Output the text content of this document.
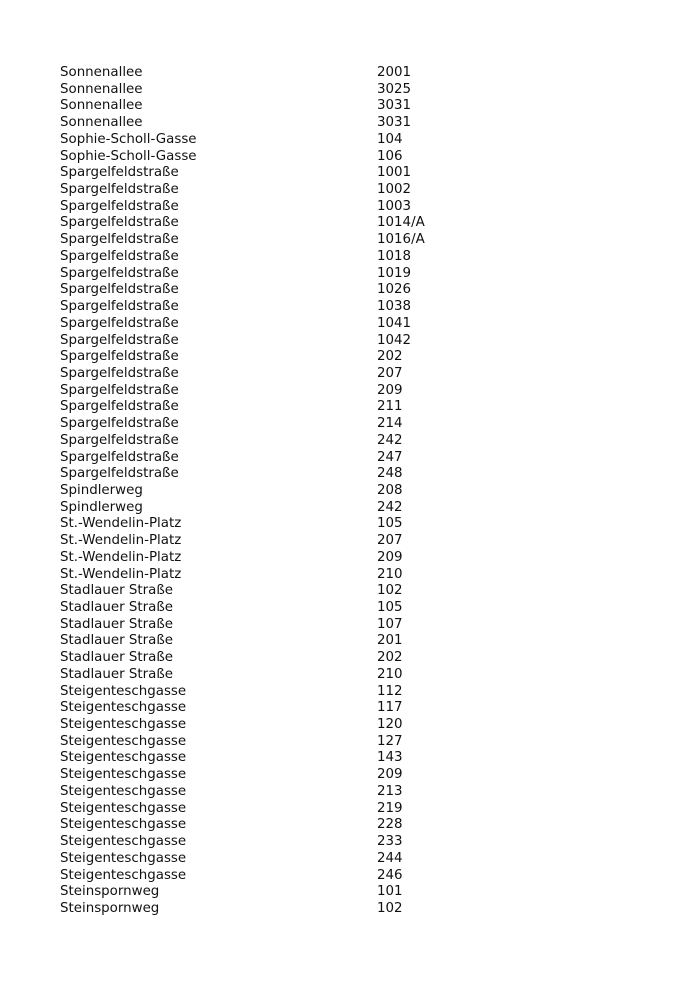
Sonnenallee	2001
Sonnenallee	3025
Sonnenallee	3031
Sonnenallee	3031
Sophie-Scholl-Gasse	104
Sophie-Scholl-Gasse	106
Spargelfeldstraße	1001
Spargelfeldstraße	1002
Spargelfeldstraße	1003
Spargelfeldstraße	1014/A
Spargelfeldstraße	1016/A
Spargelfeldstraße	1018
Spargelfeldstraße	1019
Spargelfeldstraße	1026
Spargelfeldstraße	1038
Spargelfeldstraße	1041
Spargelfeldstraße	1042
Spargelfeldstraße	202
Spargelfeldstraße	207
Spargelfeldstraße	209
Spargelfeldstraße	211
Spargelfeldstraße	214
Spargelfeldstraße	242
Spargelfeldstraße	247
Spargelfeldstraße	248
Spindlerweg	208
Spindlerweg	242
St.-Wendelin-Platz	105
St.-Wendelin-Platz	207
St.-Wendelin-Platz	209
St.-Wendelin-Platz	210
Stadlauer Straße	102
Stadlauer Straße	105
Stadlauer Straße	107
Stadlauer Straße	201
Stadlauer Straße	202
Stadlauer Straße	210
Steigenteschgasse	112
Steigenteschgasse	117
Steigenteschgasse	120
Steigenteschgasse	127
Steigenteschgasse	143
Steigenteschgasse	209
Steigenteschgasse	213
Steigenteschgasse	219
Steigenteschgasse	228
Steigenteschgasse	233
Steigenteschgasse	244
Steigenteschgasse	246
Steinspornweg	101
Steinspornweg	102
